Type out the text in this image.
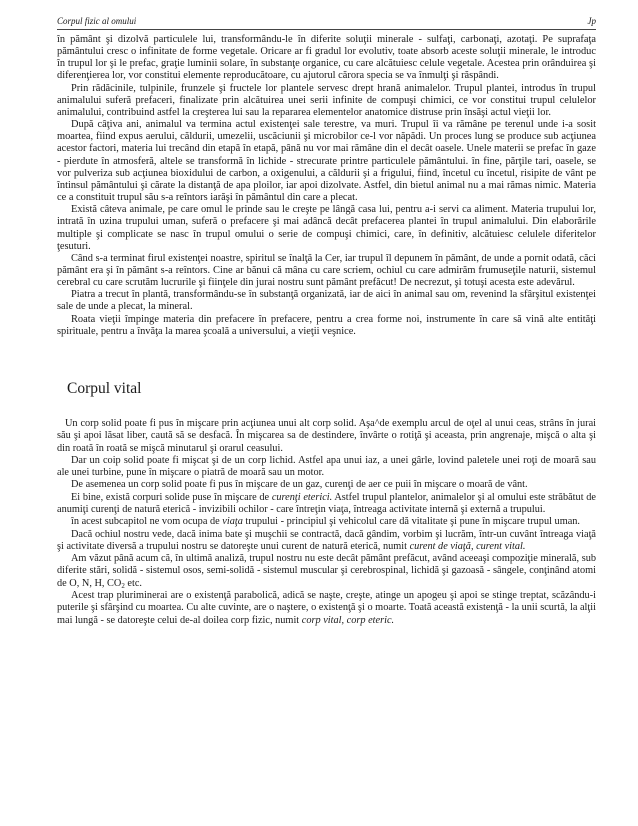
Corpul fizic al omului	Jp

în pământ şi dizolvă particulele lui, transformându-le în diferite soluţii minerale - sulfaţi, carbonaţi, azotaţi. Pe suprafaţa pământului cresc o infinitate de forme vegetale. Oricare ar fi gradul lor evolutiv, toate absorb aceste soluţii minerale, le introduc în trupul lor şi le prefac, graţie luminii solare, în substanţe organice, cu care alcătuiesc celule vegetale. Acestea prin orânduirea şi diferenţierea lor, vor constitui elemente reproducătoare, cu ajutorul cărora specia se va înmulţi şi răspândi.

Prin rădăcinile, tulpinile, frunzele şi fructele lor plantele servesc drept hrană animalelor. Trupul plantei, introdus în trupul animalului suferă prefaceri, finalizate prin alcătuirea unei serii infinite de compuşi chimici, ce vor constitui trupul celulelor animalului, contribuind astfel la creşterea lui sau la repararea elementelor anatomice distruse prin însăşi actul vieţii lor.

După câţiva ani, animalul va termina actul existenţei sale terestre, va muri. Trupul îi va rămâne pe terenul unde i-a sosit moartea, fiind expus aerului, căldurii, umezelii, uscăciunii şi microbilor ce-l vor năpădi. Un proces lung se produce sub acţiunea acestor factori, materia lui trecând din etapă în etapă, până nu vor mai rămâne din el decât oasele. Unele materii se prefac în gaze - pierdute în atmosferă, altele se transformă în lichide - strecurate printre particulele pământului. în fine, părţile tari, oasele, se vor pulveriza sub acţiunea bioxidului de carbon, a oxigenului, a căldurii şi a frigului, fiind, încetul cu încetul, risipite de vânt pe întinsul pământului şi cărate la distanţă de apa ploilor, iar apoi dizolvate. Astfel, din bietul animal nu a mai rămas nimic. Materia ce a constituit trupul său s-a reîntors iarăşi în pământul din care a plecat.

Există câteva animale, pe care omul le prinde sau le creşte pe lângă casa lui, pentru a-i servi ca aliment. Materia trupului lor, intrată în uzina trupului uman, suferă o prefacere şi mai adâncă decât prefacerea plantei în trupul animalului. Din elaborările multiple şi complicate se nasc în trupul omului o serie de compuşi chimici, care, în definitiv, alcătuiesc celulele diferitelor ţesuturi.

Când s-a terminat firul existenţei noastre, spiritul se înalţă la Cer, iar trupul îl depunem în pământ, de unde a pornit odată, căci pământ era şi în pământ s-a reîntors. Cine ar bănui că mâna cu care scriem, ochiul cu care admirăm frumuseţile naturii, sistemul cerebral cu care scrutăm lucrurile şi fiinţele din jurai nostru sunt pământ prefăcut! De necrezut, şi totuşi acesta este adevărul.

Piatra a trecut în plantă, transformându-se în substanţă organizată, iar de aici în animal sau om, revenind la sfârşitul existenţei sale de unde a plecat, la mineral.

Roata vieţii împinge materia din prefacere în prefacere, pentru a crea forme noi, instrumente în care să vină alte entităţi spirituale, pentru a învăţa la marea şcoală a universului, a vieţii veşnice.

Corpul vital

Un corp solid poate fi pus în mişcare prin acţiunea unui alt corp solid. Aşa^de exemplu arcul de oţel al unui ceas, strâns în jurai său şi apoi lăsat liber, caută să se desfacă. În mişcarea sa de destindere, învârte o rotiţă şi aceasta, prin angrenaje, mişcă o alta şi din roată în roată se mişcă minutarul şi orarul ceasului.

Dar un coip solid poate fi mişcat şi de un corp lichid. Astfel apa unui iaz, a unei gârle, lovind paletele unei roţi de moară sau ale unei turbine, pune în mişcare o piatră de moară sau un motor.

De asemenea un corp solid poate fi pus în mişcare de un gaz, curenţi de aer ce puii în mişcare o moară de vânt.

Ei bine, există corpuri solide puse în mişcare de curenţi eterici. Astfel trupul plantelor, animalelor şi al omului este străbătut de anumiţi curenţi de natură eterică - invizibili ochilor - care întreţin viaţa, întreaga activitate internă şi externă a trupului.

în acest subcapitol ne vom ocupa de viaţa trupului - principiul şi vehicolul care dă vitalitate şi pune în mişcare trupul uman.

Dacă ochiul nostru vede, dacă inima bate şi muşchii se contractă, dacă gândim, vorbim şi lucrăm, într-un cuvânt întreaga viaţă şi activitate diversă a trupului nostru se datoreşte unui curent de natură eterică, numit curent de viaţă, curent vital.

Am văzut până acum că, în ultimă analiză, trupul nostru nu este decât pământ prefăcut, având aceeaşi compoziţie minerală, sub diferite stări, solidă - sistemul osos, semi-solidă - sistemul muscular şi cerebrospinal, lichidă şi gazoasă - sângele, conţinând atomi de O, N, H, $CO_2$ etc.

Acest trap pluriminerai are o existenţă parabolică, adică se naşte, creşte, atinge un apogeu şi apoi se stinge treptat, scăzându-i puterile şi sfârşind cu moartea. Cu alte cuvinte, are o naştere, o existenţă şi o moarte. Toată această existenţă - la unii scurtă, la alţii mai lungă - se datoreşte celui de-al doilea corp fizic, numit corp vital, corp eteric.
